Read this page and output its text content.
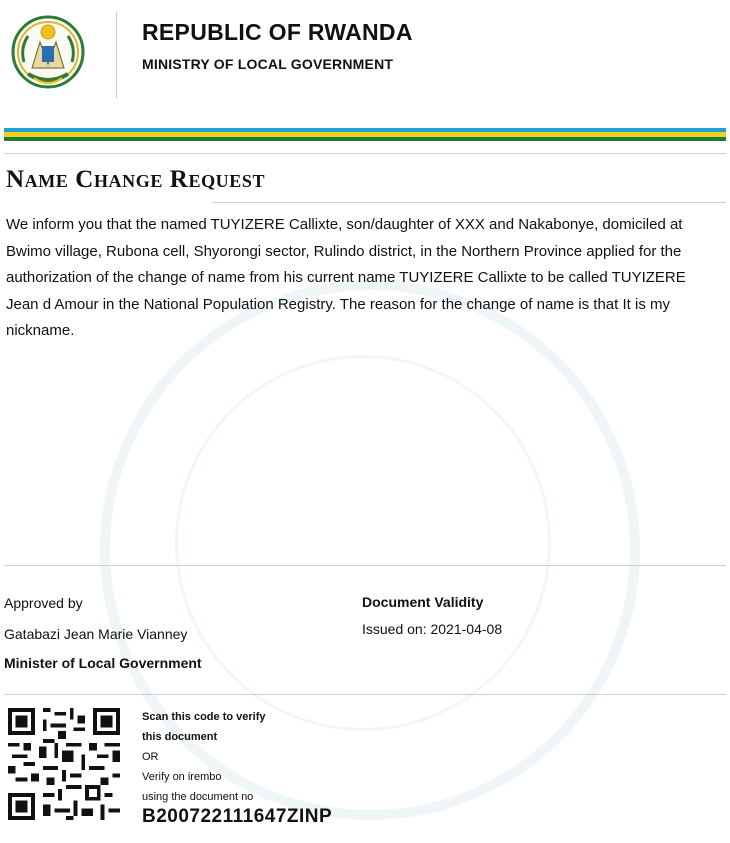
REPUBLIC OF RWANDA
MINISTRY OF LOCAL GOVERNMENT
Name Change Request
We inform you that the named TUYIZERE Callixte, son/daughter of XXX and Nakabonye, domiciled at Bwimo village, Rubona cell, Shyorongi sector, Rulindo district, in the Northern Province applied for the authorization of the change of name from his current name TUYIZERE Callixte to be called TUYIZERE Jean d Amour in the National Population Registry. The reason for the change of name is that It is my nickname.
Approved by
Gatabazi Jean Marie Vianney
Minister of Local Government
Document Validity
Issued on: 2021-04-08
Scan this code to verify
this document
OR
Verify on irembo
using the document no
B200722111647ZINP
